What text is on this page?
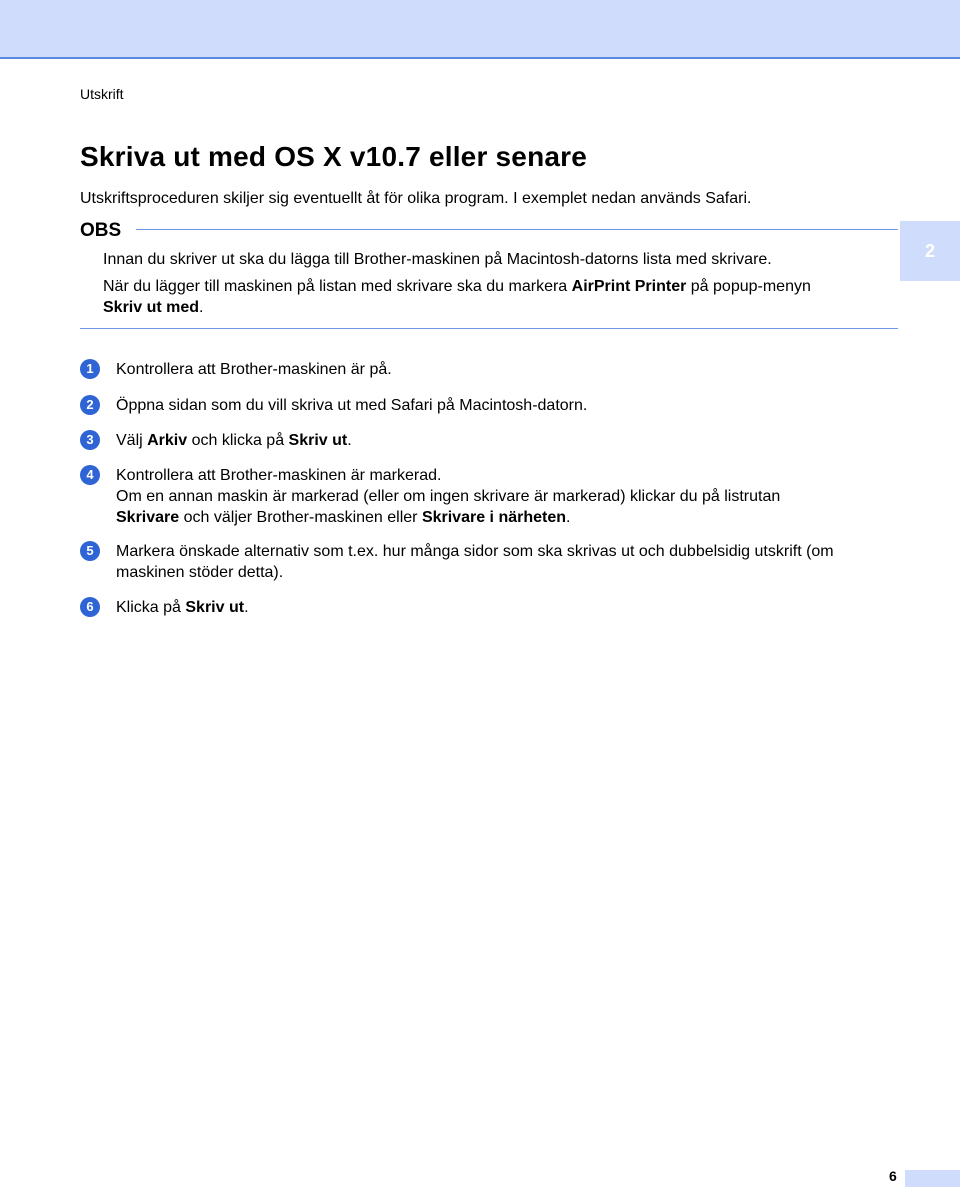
Utskrift
Skriva ut med OS X v10.7 eller senare
Utskriftsproceduren skiljer sig eventuellt åt för olika program. I exemplet nedan används Safari.
OBS
Innan du skriver ut ska du lägga till Brother-maskinen på Macintosh-datorns lista med skrivare.
När du lägger till maskinen på listan med skrivare ska du markera AirPrint Printer på popup-menyn
Skriv ut med.
2
1	Kontrollera att Brother-maskinen är på.
2	Öppna sidan som du vill skriva ut med Safari på Macintosh-datorn.
3	Välj Arkiv och klicka på Skriv ut.
4	Kontrollera att Brother-maskinen är markerad.
Om en annan maskin är markerad (eller om ingen skrivare är markerad) klickar du på listrutan
Skrivare och väljer Brother-maskinen eller Skrivare i närheten.
5	Markera önskade alternativ som t.ex. hur många sidor som ska skrivas ut och dubbelsidig utskrift (om
maskinen stöder detta).
6	Klicka på Skriv ut.
6
